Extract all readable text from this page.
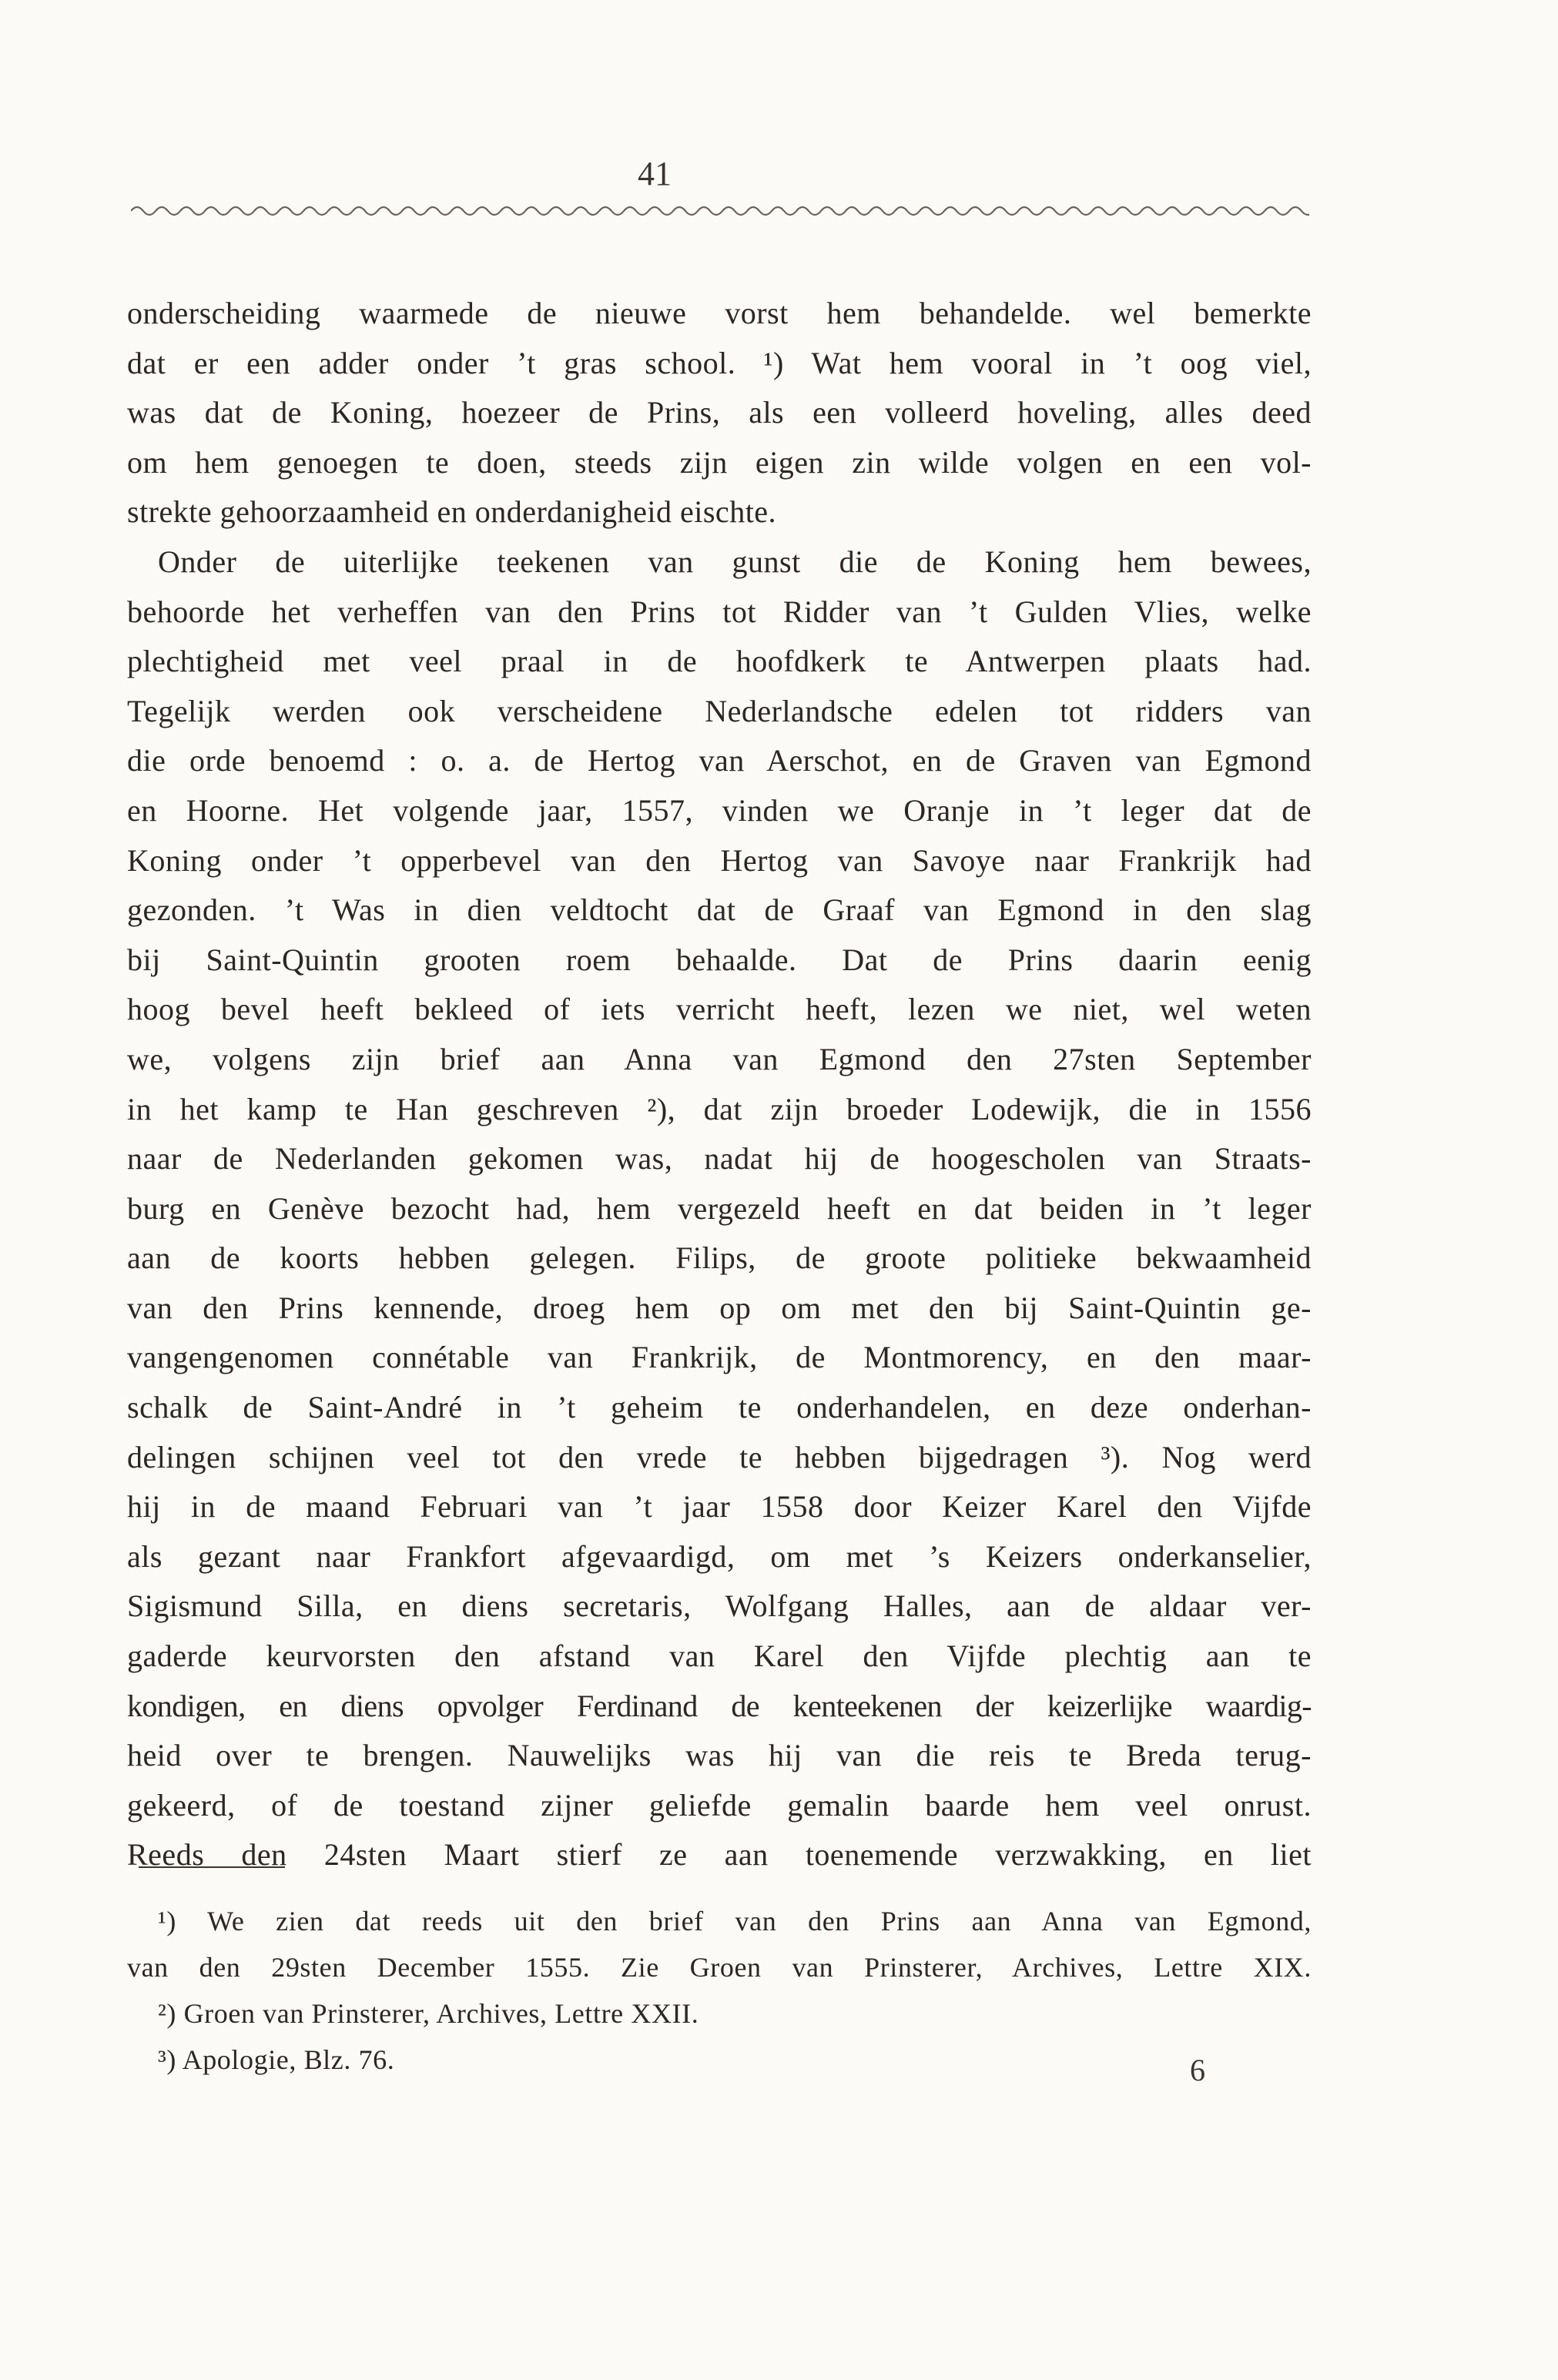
41
onderscheiding waarmede de nieuwe vorst hem behandelde. wel bemerkte
dat er een adder onder ’t gras school. ¹) Wat hem vooral in ’t oog viel,
was dat de Koning, hoezeer de Prins, als een volleerd hoveling, alles deed
om hem genoegen te doen, steeds zijn eigen zin wilde volgen en een vol-
strekte gehoorzaamheid en onderdanigheid eischte.
Onder de uiterlijke teekenen van gunst die de Koning hem bewees,
behoorde het verheffen van den Prins tot Ridder van ’t Gulden Vlies, welke
plechtigheid met veel praal in de hoofdkerk te Antwerpen plaats had.
Tegelijk werden ook verscheidene Nederlandsche edelen tot ridders van
die orde benoemd : o. a. de Hertog van Aerschot, en de Graven van Egmond
en Hoorne. Het volgende jaar, 1557, vinden we Oranje in ’t leger dat de
Koning onder ’t opperbevel van den Hertog van Savoye naar Frankrijk had
gezonden. ’t Was in dien veldtocht dat de Graaf van Egmond in den slag
bij Saint-Quintin grooten roem behaalde. Dat de Prins daarin eenig
hoog bevel heeft bekleed of iets verricht heeft, lezen we niet, wel weten
we, volgens zijn brief aan Anna van Egmond den 27sten September
in het kamp te Han geschreven ²), dat zijn broeder Lodewijk, die in 1556
naar de Nederlanden gekomen was, nadat hij de hoogescholen van Straats-
burg en Genève bezocht had, hem vergezeld heeft en dat beiden in ’t leger
aan de koorts hebben gelegen. Filips, de groote politieke bekwaamheid
van den Prins kennende, droeg hem op om met den bij Saint-Quintin ge-
vangengenomen connétable van Frankrijk, de Montmorency, en den maar-
schalk de Saint-André in ’t geheim te onderhandelen, en deze onderhan-
delingen schijnen veel tot den vrede te hebben bijgedragen ³). Nog werd
hij in de maand Februari van ’t jaar 1558 door Keizer Karel den Vijfde
als gezant naar Frankfort afgevaardigd, om met ’s Keizers onderkanselier,
Sigismund Silla, en diens secretaris, Wolfgang Halles, aan de aldaar ver-
gaderde keurvorsten den afstand van Karel den Vijfde plechtig aan te
kondigen, en diens opvolger Ferdinand de kenteekenen der keizerlijke waardig-
heid over te brengen. Nauwelijks was hij van die reis te Breda terug-
gekeerd, of de toestand zijner geliefde gemalin baarde hem veel onrust.
Reeds den 24sten Maart stierf ze aan toenemende verzwakking, en liet
¹) We zien dat reeds uit den brief van den Prins aan Anna van Egmond,
van den 29sten December 1555. Zie Groen van Prinsterer, Archives, Lettre XIX.
²) Groen van Prinsterer, Archives, Lettre XXII.
³) Apologie, Blz. 76.	6
